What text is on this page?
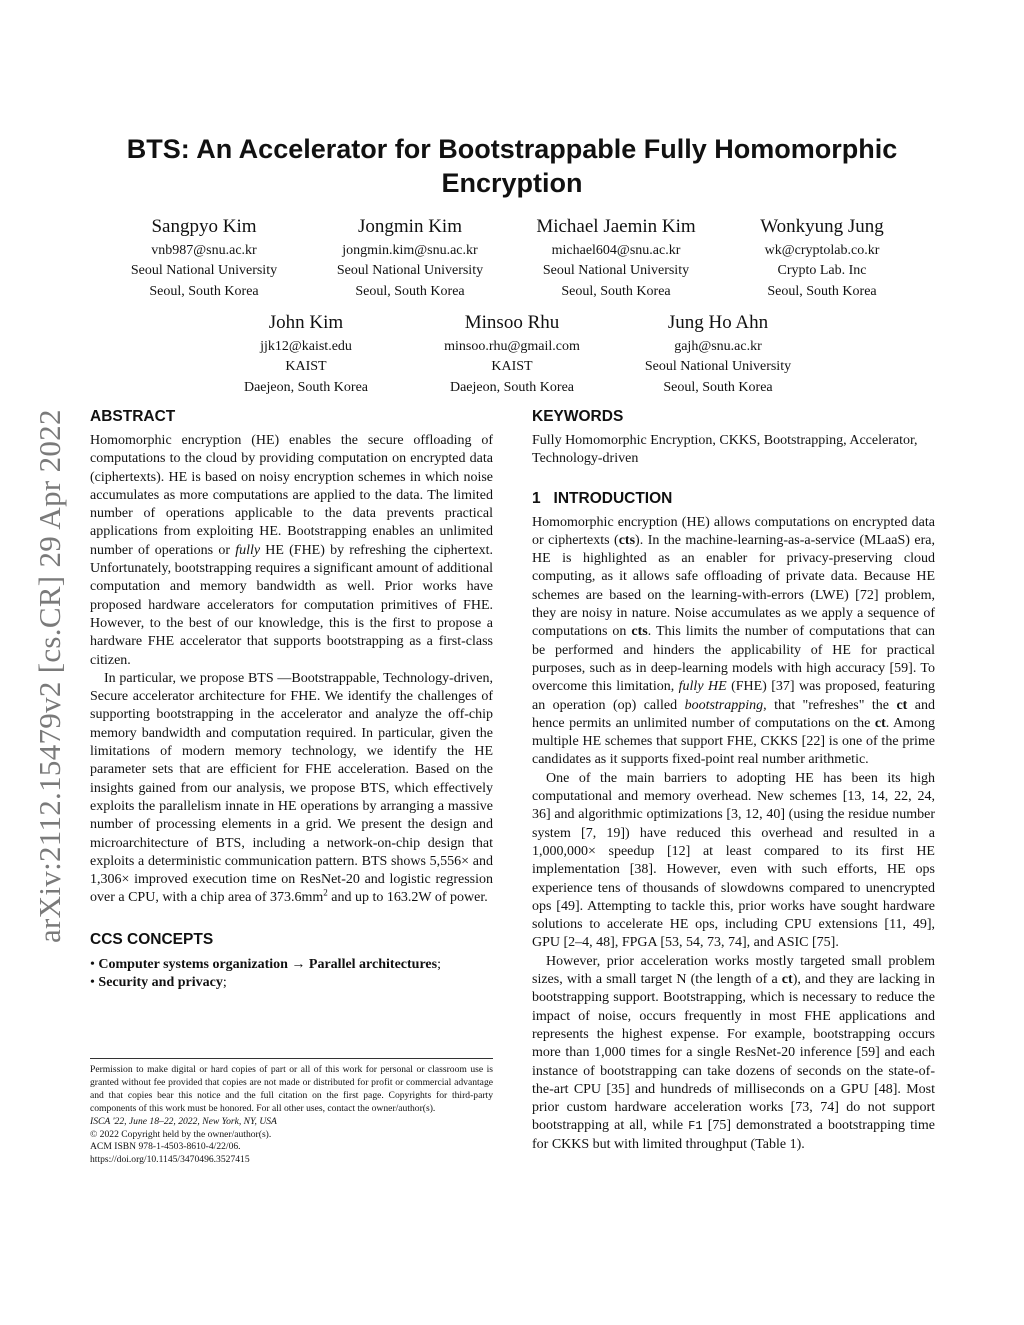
arXiv:2112.15479v2 [cs.CR] 29 Apr 2022
BTS: An Accelerator for Bootstrappable Fully Homomorphic Encryption
Sangpyo Kim
vnb987@snu.ac.kr
Seoul National University
Seoul, South Korea
Jongmin Kim
jongmin.kim@snu.ac.kr
Seoul National University
Seoul, South Korea
Michael Jaemin Kim
michael604@snu.ac.kr
Seoul National University
Seoul, South Korea
Wonkyung Jung
wk@cryptolab.co.kr
Crypto Lab. Inc
Seoul, South Korea
John Kim
jjk12@kaist.edu
KAIST
Daejeon, South Korea
Minsoo Rhu
minsoo.rhu@gmail.com
KAIST
Daejeon, South Korea
Jung Ho Ahn
gajh@snu.ac.kr
Seoul National University
Seoul, South Korea
ABSTRACT

Homomorphic encryption (HE) enables the secure offloading of computations to the cloud by providing computation on encrypted data (ciphertexts). HE is based on noisy encryption schemes in which noise accumulates as more computations are applied to the data. The limited number of operations applicable to the data prevents practical applications from exploiting HE. Bootstrapping enables an unlimited number of operations or fully HE (FHE) by refreshing the ciphertext. Unfortunately, bootstrapping requires a significant amount of additional computation and memory bandwidth as well. Prior works have proposed hardware accelerators for computation primitives of FHE. However, to the best of our knowledge, this is the first to propose a hardware FHE accelerator that supports bootstrapping as a first-class citizen.

In particular, we propose BTS —Bootstrappable, Technology-driven, Secure accelerator architecture for FHE. We identify the challenges of supporting bootstrapping in the accelerator and analyze the off-chip memory bandwidth and computation required. In particular, given the limitations of modern memory technology, we identify the HE parameter sets that are efficient for FHE acceleration. Based on the insights gained from our analysis, we propose BTS, which effectively exploits the parallelism innate in HE operations by arranging a massive number of processing elements in a grid. We present the design and microarchitecture of BTS, including a network-on-chip design that exploits a deterministic communication pattern. BTS shows 5,556× and 1,306× improved execution time on ResNet-20 and logistic regression over a CPU, with a chip area of $373.6mm^2$ and up to 163.2W of power.

CCS CONCEPTS
• Computer systems organization → Parallel architectures;
• Security and privacy;

Permission to make digital or hard copies of part or all of this work for personal or classroom use is granted without fee provided that copies are not made or distributed for profit or commercial advantage and that copies bear this notice and the full citation on the first page. Copyrights for third-party components of this work must be honored. For all other uses, contact the owner/author(s).

ISCA '22, June 18–22, 2022, New York, NY, USA

© 2022 Copyright held by the owner/author(s).

ACM ISBN 978-1-4503-8610-4/22/06.

https://doi.org/10.1145/3470496.3527415

KEYWORDS

Fully Homomorphic Encryption, CKKS, Bootstrapping, Accelerator, Technology-driven

1   INTRODUCTION

Homomorphic encryption (HE) allows computations on encrypted data or ciphertexts (cts). In the machine-learning-as-a-service (MLaaS) era, HE is highlighted as an enabler for privacy-preserving cloud computing, as it allows safe offloading of private data. Because HE schemes are based on the learning-with-errors (LWE) [72] problem, they are noisy in nature. Noise accumulates as we apply a sequence of computations on cts. This limits the number of computations that can be performed and hinders the applicability of HE for practical purposes, such as in deep-learning models with high accuracy [59]. To overcome this limitation, fully HE (FHE) [37] was proposed, featuring an operation (op) called bootstrapping, that "refreshes" the ct and hence permits an unlimited number of computations on the ct. Among multiple HE schemes that support FHE, CKKS [22] is one of the prime candidates as it supports fixed-point real number arithmetic.

One of the main barriers to adopting HE has been its high computational and memory overhead. New schemes [13, 14, 22, 24, 36] and algorithmic optimizations [3, 12, 40] (using the residue number system [7, 19]) have reduced this overhead and resulted in a 1,000,000× speedup [12] at least compared to its first HE implementation [38]. However, even with such efforts, HE ops experience tens of thousands of slowdowns compared to unencrypted ops [49]. Attempting to tackle this, prior works have sought hardware solutions to accelerate HE ops, including CPU extensions [11, 49], GPU [2–4, 48], FPGA [53, 54, 73, 74], and ASIC [75].

However, prior acceleration works mostly targeted small problem sizes, with a small target N (the length of a ct), and they are lacking in bootstrapping support. Bootstrapping, which is necessary to reduce the impact of noise, occurs frequently in most FHE applications and represents the highest expense. For example, bootstrapping occurs more than 1,000 times for a single ResNet-20 inference [59] and each instance of bootstrapping can take dozens of seconds on the state-of-the-art CPU [35] and hundreds of milliseconds on a GPU [48]. Most prior custom hardware acceleration works [73, 74] do not support bootstrapping at all, while F1 [75] demonstrated a bootstrapping time for CKKS but with limited throughput (Table 1).
